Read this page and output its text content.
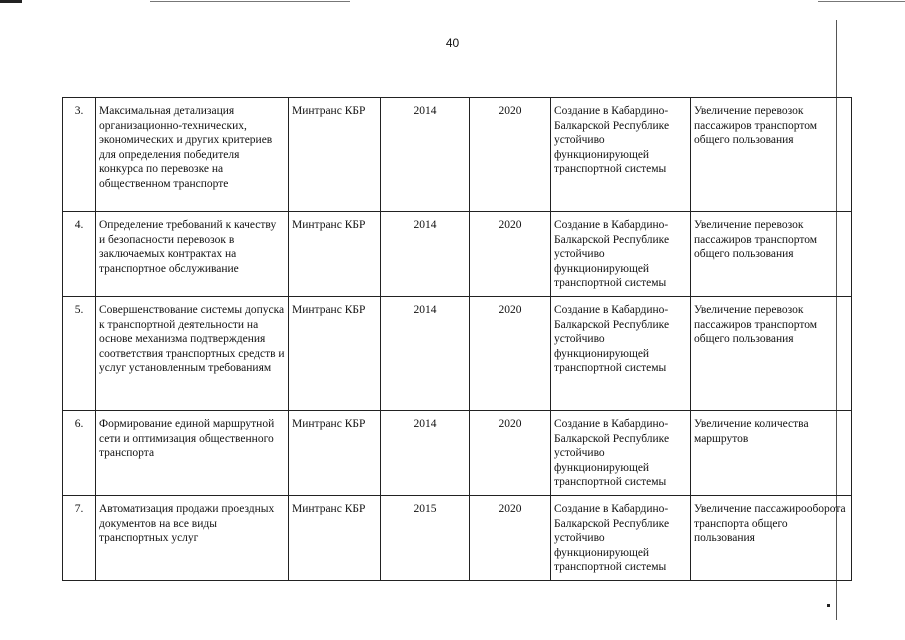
40
3.	Максимальная детализация организационно-технических, экономических и других критериев для определения победителя конкурса по перевозке на общественном транспорте	Минтранс КБР	2014	2020	Создание в Кабардино-Балкарской Республике устойчиво функционирующей транспортной системы	Увеличение перевозок пассажиров транспортом общего пользования
4.	Определение требований к качеству и безопасности перевозок в заключаемых контрактах на транспортное обслуживание	Минтранс КБР	2014	2020	Создание в Кабардино-Балкарской Республике устойчиво функционирующей транспортной системы	Увеличение перевозок пассажиров транспортом общего пользования
5.	Совершенствование системы допуска к транспортной деятельности на основе механизма подтверждения соответствия транспортных средств и услуг установленным требованиям	Минтранс КБР	2014	2020	Создание в Кабардино-Балкарской Республике устойчиво функционирующей транспортной системы	Увеличение перевозок пассажиров транспортом общего пользования
6.	Формирование единой маршрутной сети и оптимизация общественного транспорта	Минтранс КБР	2014	2020	Создание в Кабардино-Балкарской Республике устойчиво функционирующей транспортной системы	Увеличение количества маршрутов
7.	Автоматизация продажи проездных документов на все виды транспортных услуг	Минтранс КБР	2015	2020	Создание в Кабардино-Балкарской Республике устойчиво функционирующей транспортной системы	Увеличение пассажирооборота транспорта общего пользования
